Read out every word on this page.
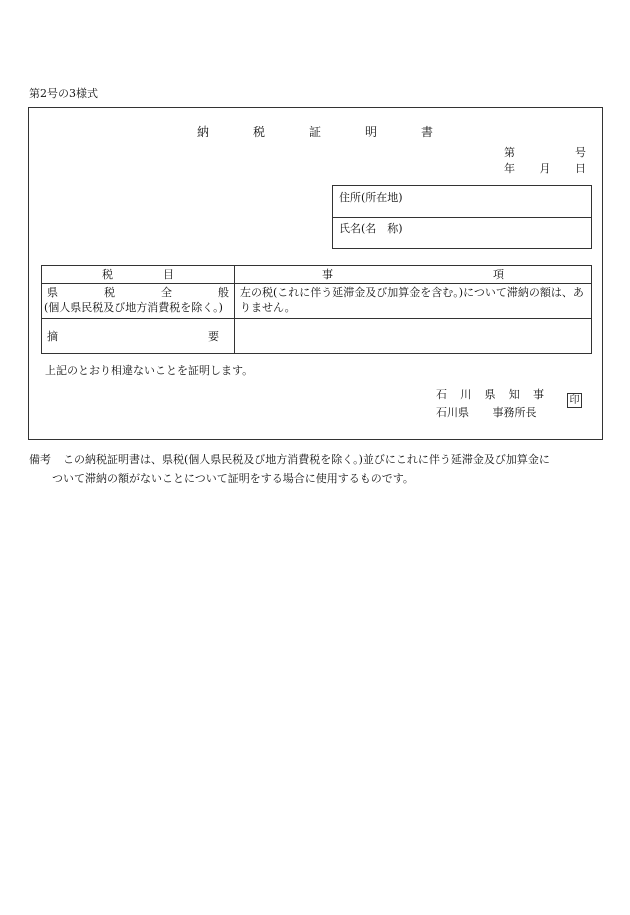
第2号の3様式
納	税	証	明	書
第	号
年 月 日
住所(所在地)
氏名(名　称)
税 目	事 項

県 税 全 般
(個人県民税及び地方消費税を除く。)	左の税(これに伴う延滞金及び加算金を含む。)について滞納の額は、ありません。

摘 要	

上記のとおり相違ないことを証明します。
石 川 県 知 事
石川県 事務所長
印
備考 この納税証明書は、県税(個人県民税及び地方消費税を除く。)並びにこれに伴う延滞金及び加算金に
ついて滞納の額がないことについて証明をする場合に使用するものです。
